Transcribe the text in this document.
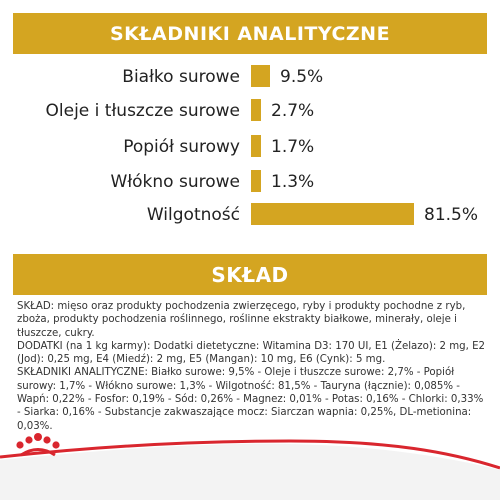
SKŁADNIKI ANALITYCZNE
Białko surowe 9.5%
Oleje i tłuszcze surowe 2.7%
Popiół surowy 1.7%
Włókno surowe 1.3%
Wilgotność	81.5%
SKŁAD

SKŁAD: mięso oraz produkty pochodzenia zwierzęcego, ryby i produkty pochodne z ryb, zboża, produkty pochodzenia roślinnego, roślinne ekstrakty białkowe, minerały, oleje i tłuszcze, cukry.

DODATKI (na 1 kg karmy): Dodatki dietetyczne: Witamina D3: 170 UI, E1 (Żelazo): 2 mg, E2 (Jod): 0,25 mg, E4 (Miedź): 2 mg, E5 (Mangan): 10 mg, E6 (Cynk): 5 mg.

SKŁADNIKI ANALITYCZNE: Białko surowe: 9,5% - Oleje i tłuszcze surowe: 2,7% - Popiół surowy: 1,7% - Włókno surowe: 1,3% - Wilgotność: 81,5% - Tauryna (łącznie): 0,085% - Wapń: 0,22% - Fosfor: 0,19% - Sód: 0,26% - Magnez: 0,01% - Potas: 0,16% - Chlorki: 0,33% - Siarka: 0,16% - Substancje zakwaszające mocz: Siarczan wapnia: 0,25%, DL-metionina: 0,03%.
